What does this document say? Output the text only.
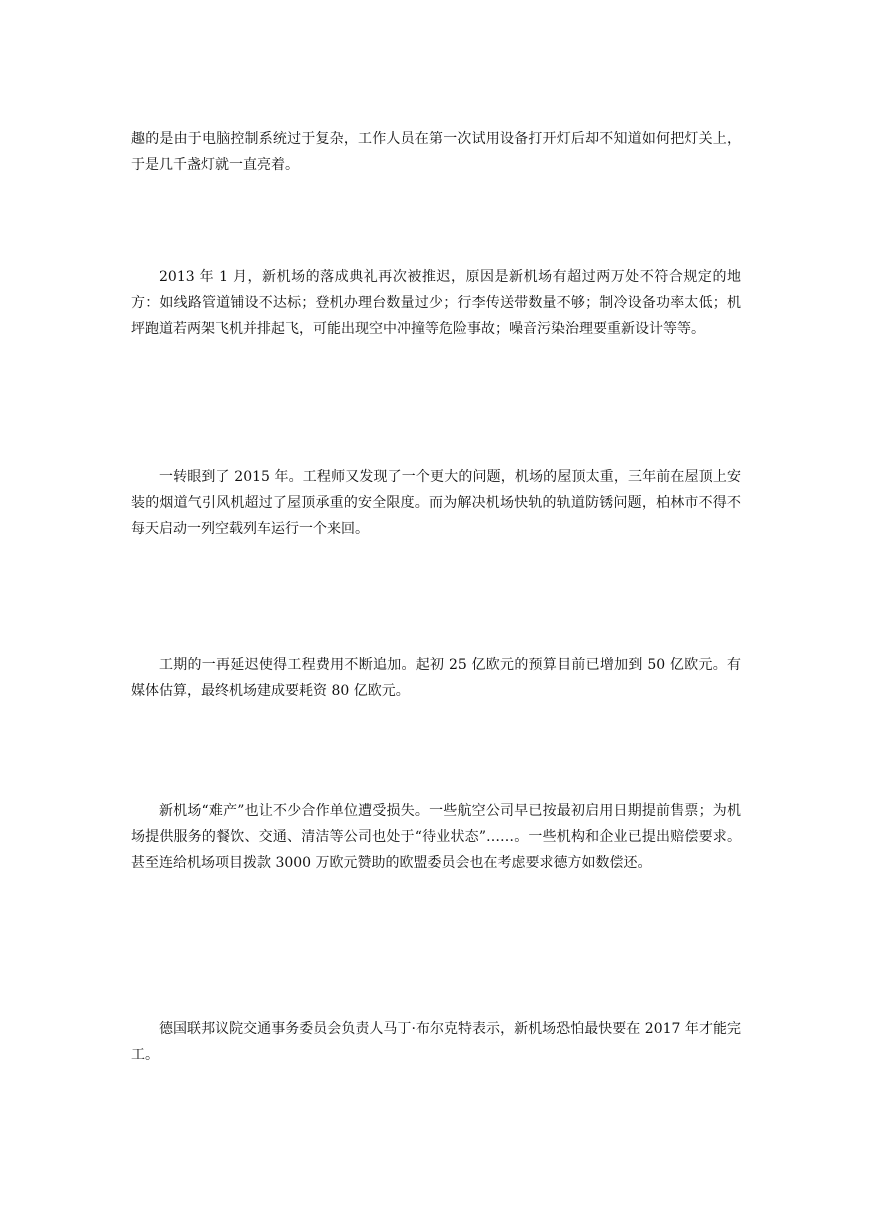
趣的是由于电脑控制系统过于复杂，工作人员在第一次试用设备打开灯后却不知道如何把灯关上，于是几千盏灯就一直亮着。

2013 年 1 月，新机场的落成典礼再次被推迟，原因是新机场有超过两万处不符合规定的地方：如线路管道铺设不达标；登机办理台数量过少；行李传送带数量不够；制冷设备功率太低；机坪跑道若两架飞机并排起飞，可能出现空中冲撞等危险事故；噪音污染治理要重新设计等等。

一转眼到了 2015 年。工程师又发现了一个更大的问题，机场的屋顶太重，三年前在屋顶上安装的烟道气引风机超过了屋顶承重的安全限度。而为解决机场快轨的轨道防锈问题，柏林市不得不每天启动一列空载列车运行一个来回。

工期的一再延迟使得工程费用不断追加。起初 25 亿欧元的预算目前已增加到 50 亿欧元。有媒体估算，最终机场建成要耗资 80 亿欧元。

新机场“难产”也让不少合作单位遭受损失。一些航空公司早已按最初启用日期提前售票；为机场提供服务的餐饮、交通、清洁等公司也处于“待业状态”……。一些机构和企业已提出赔偿要求。甚至连给机场项目拨款 3000 万欧元赞助的欧盟委员会也在考虑要求德方如数偿还。

德国联邦议院交通事务委员会负责人马丁·布尔克特表示，新机场恐怕最快要在 2017 年才能完工。
